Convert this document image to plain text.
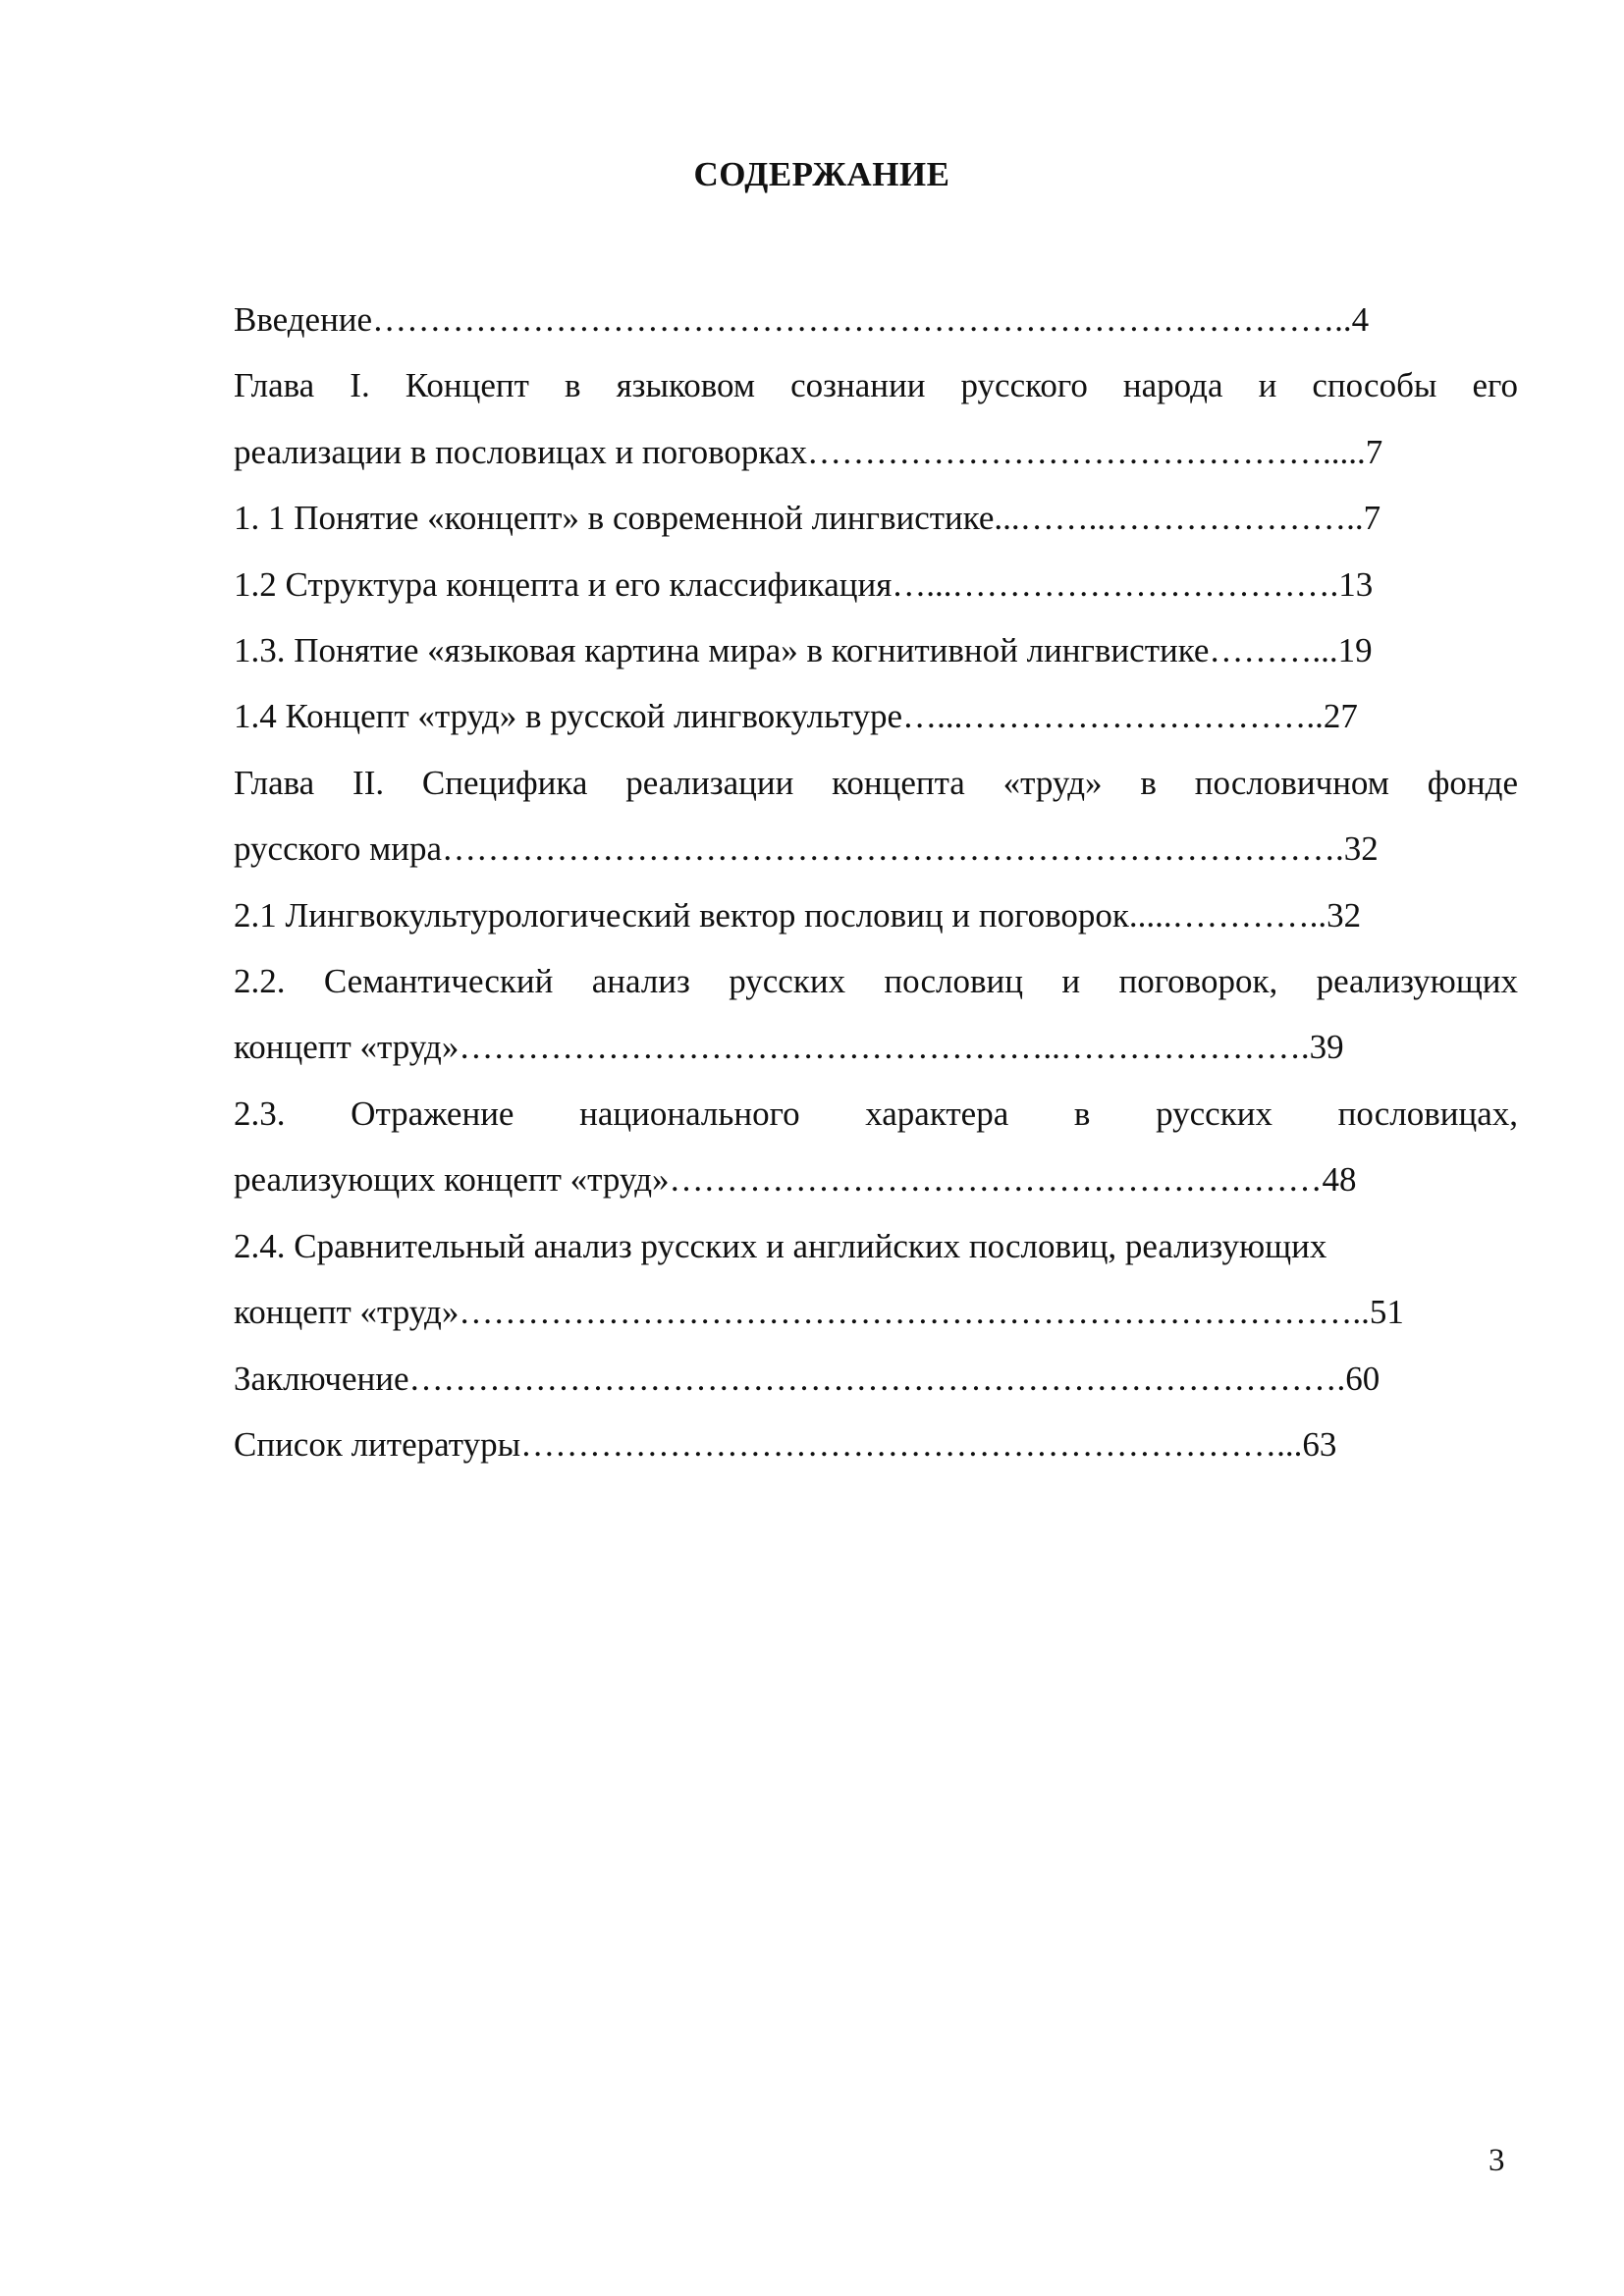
СОДЕРЖАНИЕ
Введение…………………………………………………………………………..4
Глава I. Концепт в языковом сознании русского народа и способы его
реализации в пословицах и поговорках……………………………………….....7
1. 1 Понятие «концепт» в современной лингвистике...……..…………………..7
1.2 Структура концепта и его классификация…...…………………………….13
1.3. Понятие «языковая картина мира» в когнитивной лингвистике………...19
1.4 Концепт «труд» в русской лингвокультуре…...…………………………..27
Глава II. Специфика реализации концепта «труд» в пословичном фонде
русского мира…………………………………………………………………….32
2.1 Лингвокультурологический вектор пословиц и поговорок.....…………..32
2.2. Семантический анализ русских пословиц и поговорок, реализующих
концепт «труд»……………………………………………..………………….39
2.3. Отражение национального характера в русских пословицах,
реализующих концепт «труд»…………………………………………………48
2.4. Сравнительный анализ русских и английских пословиц, реализующих
концепт «труд»……………………………………………………………………..51
Заключение……………………………………………………………………….60
Список литературы…………………………………………………………...63
3
